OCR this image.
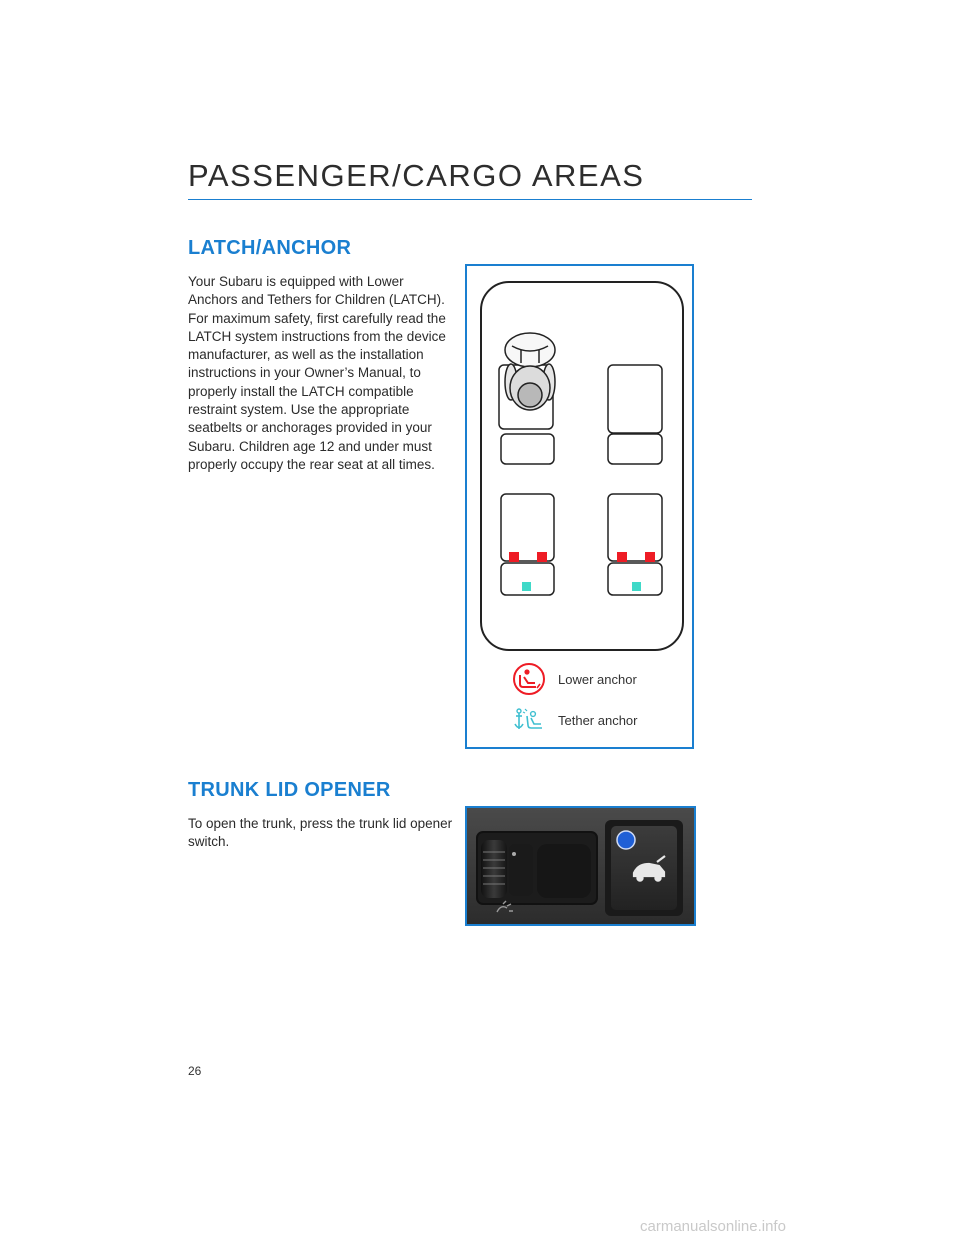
PASSENGER/CARGO AREAS
LATCH/ANCHOR
Your Subaru is equipped with Lower Anchors and Tethers for Children (LATCH). For maximum safety, first carefully read the LATCH system instructions from the device manufacturer, as well as the installation instructions in your Owner’s Manual, to properly install the LATCH compatible restraint system. Use the appropriate seatbelts or anchorages provided in your Subaru. Children age 12 and under must properly occupy the rear seat at all times.
Lower anchor
Tether anchor
TRUNK LID OPENER
To open the trunk, press the trunk lid opener switch.
26
carmanualsonline.info
